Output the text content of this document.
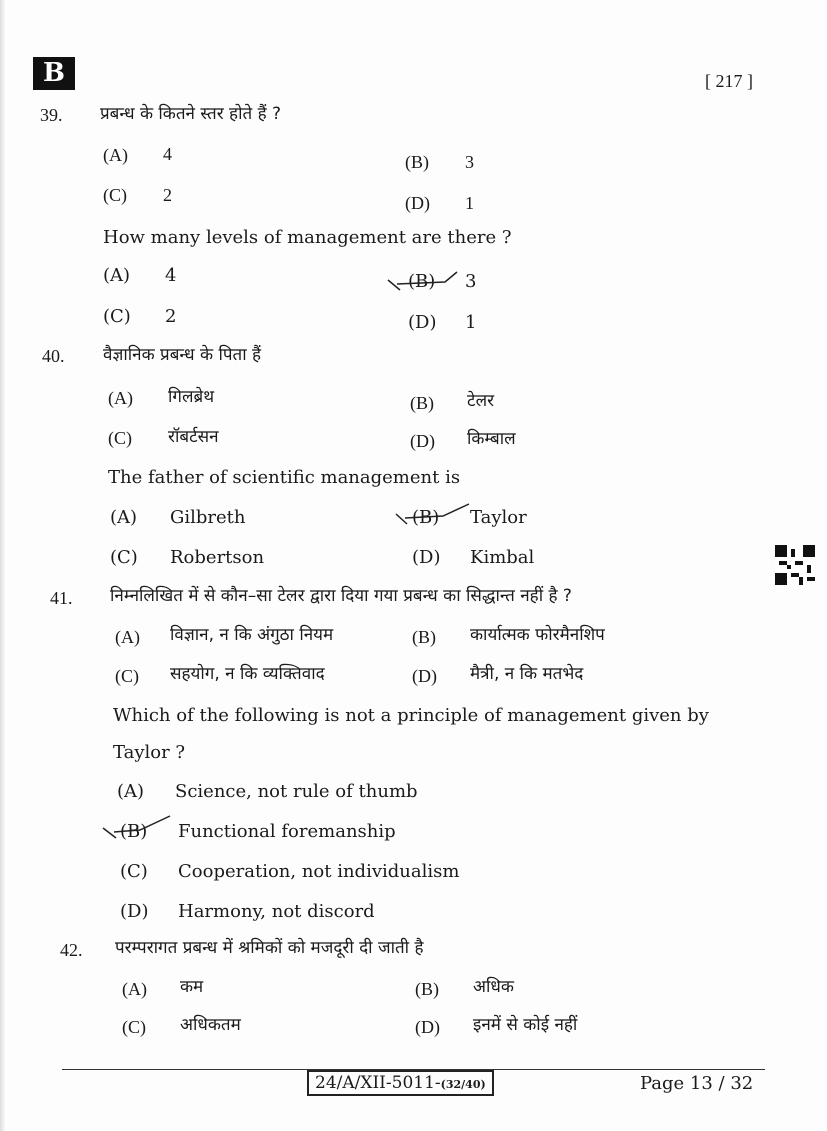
B	[ 217 ]
39. प्रबन्ध के कितने स्तर होते हैं ?
(A) 4	(B) 3
(C) 2	(D) 1
How many levels of management are there ?
(A) 4	(B) 3
(C) 2	(D) 1
40. वैज्ञानिक प्रबन्ध के पिता हैं
(A) गिलब्रेथ	(B) टेलर
(C) रॉबर्टसन	(D) किम्बाल
The father of scientific management is
(A) Gilbreth	(B) Taylor
(C) Robertson	(D) Kimbal
41. निम्नलिखित में से कौन–सा टेलर द्वारा दिया गया प्रबन्ध का सिद्धान्त नहीं है ?
(A) विज्ञान, न कि अंगुठा नियम	(B) कार्यात्मक फोरमैनशिप
(C) सहयोग, न कि व्यक्तिवाद	(D) मैत्री, न कि मतभेद
Which of the following is not a principle of management given by
Taylor ?
(A) Science, not rule of thumb
(B) Functional foremanship
(C) Cooperation, not individualism
(D) Harmony, not discord
42. परम्परागत प्रबन्ध में श्रमिकों को मजदूरी दी जाती है
(A) कम	(B) अधिक
(C) अधिकतम	(D) इनमें से कोई नहीं
24/A/XII-5011-(32/40)	Page 13 / 32
